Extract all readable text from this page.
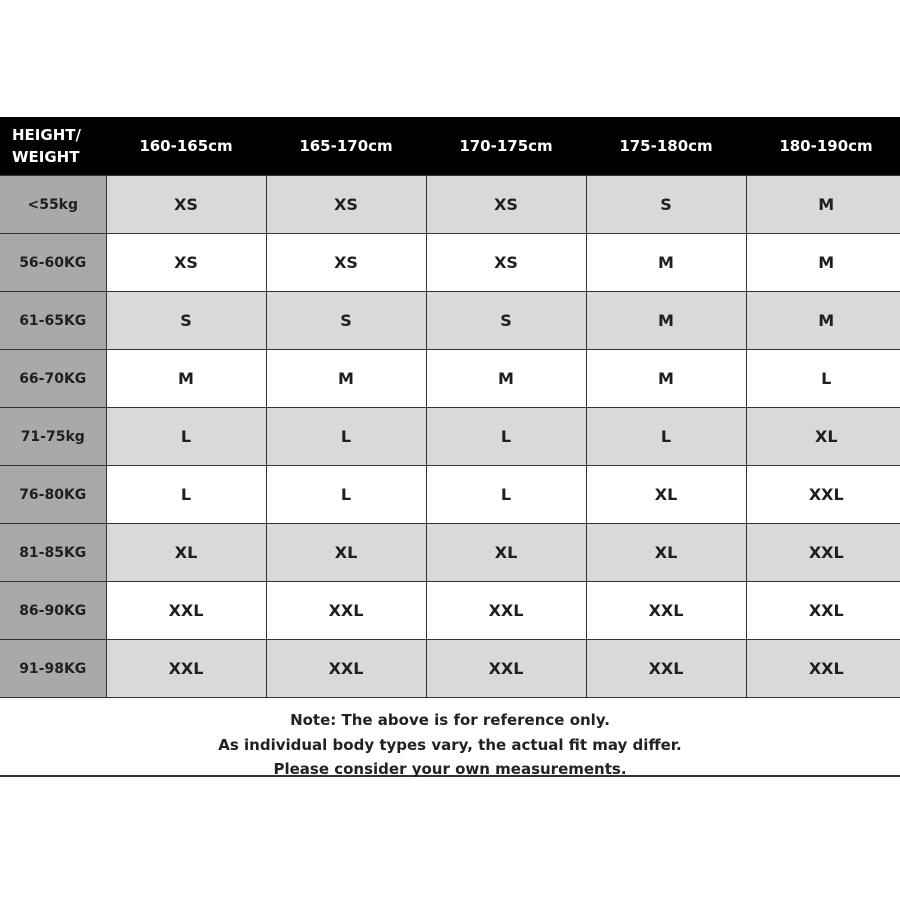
HEIGHT/
WEIGHT	160-165cm	165-170cm	170-175cm	175-180cm	180-190cm
<55kg	XS	XS	XS	S	M
56-60KG	XS	XS	XS	M	M
61-65KG	S	S	S	M	M
66-70KG	M	M	M	M	L
71-75kg	L	L	L	L	XL
76-80KG	L	L	L	XL	XXL
81-85KG	XL	XL	XL	XL	XXL
86-90KG	XXL	XXL	XXL	XXL	XXL
91-98KG	XXL	XXL	XXL	XXL	XXL
Note: The above is for reference only.
As individual body types vary, the actual fit may differ.
Please consider your own measurements.
